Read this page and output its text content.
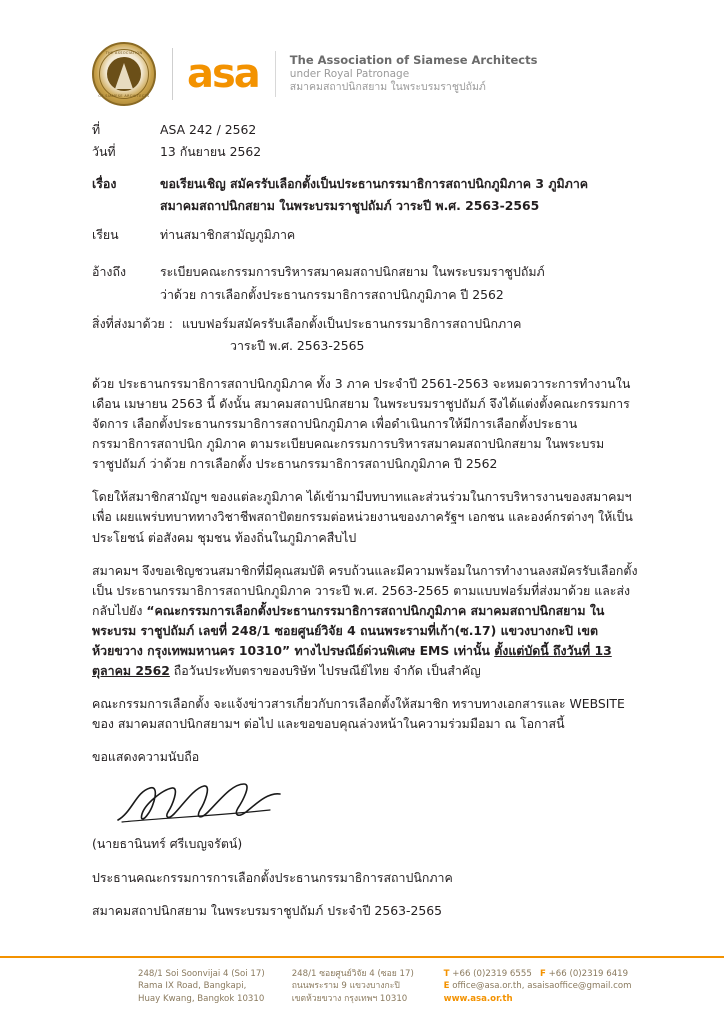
THE ASSOCIATION
OF SIAMESE ARCHITECTS asa	The Association of Siamese Architects
under Royal Patronage
สมาคมสถาปนิกสยาม ในพระบรมราชูปถัมภ์
ที่	ASA 242 / 2562
วันที่	13 กันยายน 2562
เรื่อง	ขอเรียนเชิญ สมัครรับเลือกตั้งเป็นประธานกรรมาธิการสถาปนิกภูมิภาค 3 ภูมิภาค
สมาคมสถาปนิกสยาม ในพระบรมราชูปถัมภ์ วาระปี พ.ศ. 2563-2565
เรียน	ท่านสมาชิกสามัญภูมิภาค
อ้างถึง	ระเบียบคณะกรรมการบริหารสมาคมสถาปนิกสยาม ในพระบรมราชูปถัมภ์
ว่าด้วย การเลือกตั้งประธานกรรมาธิการสถาปนิกภูมิภาค ปี 2562
สิ่งที่ส่งมาด้วย : แบบฟอร์มสมัครรับเลือกตั้งเป็นประธานกรรมาธิการสถาปนิกภาค
วาระปี พ.ศ. 2563-2565

ด้วย ประธานกรรมาธิการสถาปนิกภูมิภาค ทั้ง 3 ภาค ประจำปี 2561-2563 จะหมดวาระการทำงานในเดือน เมษายน 2563 นี้ ดังนั้น สมาคมสถาปนิกสยาม ในพระบรมราชูปถัมภ์ จึงได้แต่งตั้งคณะกรรมการจัดการ เลือกตั้งประธานกรรมาธิการสถาปนิกภูมิภาค เพื่อดำเนินการให้มีการเลือกตั้งประธานกรรมาธิการสถาปนิก ภูมิภาค ตามระเบียบคณะกรรมการบริหารสมาคมสถาปนิกสยาม ในพระบรมราชูปถัมภ์ ว่าด้วย การเลือกตั้ง ประธานกรรมาธิการสถาปนิกภูมิภาค ปี 2562

โดยให้สมาชิกสามัญฯ ของแต่ละภูมิภาค ได้เข้ามามีบทบาทและส่วนร่วมในการบริหารงานของสมาคมฯ เพื่อ เผยแพร่บทบาททางวิชาชีพสถาปัตยกรรมต่อหน่วยงานของภาครัฐฯ เอกชน และองค์กรต่างๆ ให้เป็นประโยชน์ ต่อสังคม ชุมชน ท้องถิ่นในภูมิภาคสืบไป

สมาคมฯ จึงขอเชิญชวนสมาชิกที่มีคุณสมบัติ ครบถ้วนและมีความพร้อมในการทำงานลงสมัครรับเลือกตั้งเป็น ประธานกรรมาธิการสถาปนิกภูมิภาค วาระปี พ.ศ. 2563-2565 ตามแบบฟอร์มที่ส่งมาด้วย และส่งกลับไปยัง “คณะกรรมการเลือกตั้งประธานกรรมาธิการสถาปนิกภูมิภาค สมาคมสถาปนิกสยาม ในพระบรม ราชูปถัมภ์ เลขที่ 248/1 ซอยศูนย์วิจัย 4 ถนนพระรามที่เก้า(ซ.17) แขวงบางกะปิ เขตห้วยขวาง กรุงเทพมหานคร 10310” ทางไปรษณีย์ด่วนพิเศษ EMS เท่านั้น ตั้งแต่บัดนี้ ถึงวันที่ 13 ตุลาคม 2562 ถือวันประทับตราของบริษัท ไปรษณีย์ไทย จำกัด เป็นสำคัญ

คณะกรรมการเลือกตั้ง จะแจ้งข่าวสารเกี่ยวกับการเลือกตั้งให้สมาชิก ทราบทางเอกสารและ WEBSITE ของ สมาคมสถาปนิกสยามฯ ต่อไป และขอขอบคุณล่วงหน้าในความร่วมมือมา ณ โอกาสนี้

ขอแสดงความนับถือ

(นายธานินทร์ ศรีเบญจรัตน์)

ประธานคณะกรรมการการเลือกตั้งประธานกรรมาธิการสถาปนิกภาค

สมาคมสถาปนิกสยาม ในพระบรมราชูปถัมภ์ ประจำปี 2563-2565

248/1 Soi Soonvijai 4 (Soi 17)
Rama IX Road, Bangkapi,
Huay Kwang, Bangkok 10310
248/1 ซอยศูนย์วิจัย 4 (ซอย 17)
ถนนพระราม 9 แขวงบางกะปิ
เขตห้วยขวาง กรุงเทพฯ 10310
T +66 (0)2319 6555 F +66 (0)2319 6419
E office@asa.or.th, asaisaoffice@gmail.com
www.asa.or.th
